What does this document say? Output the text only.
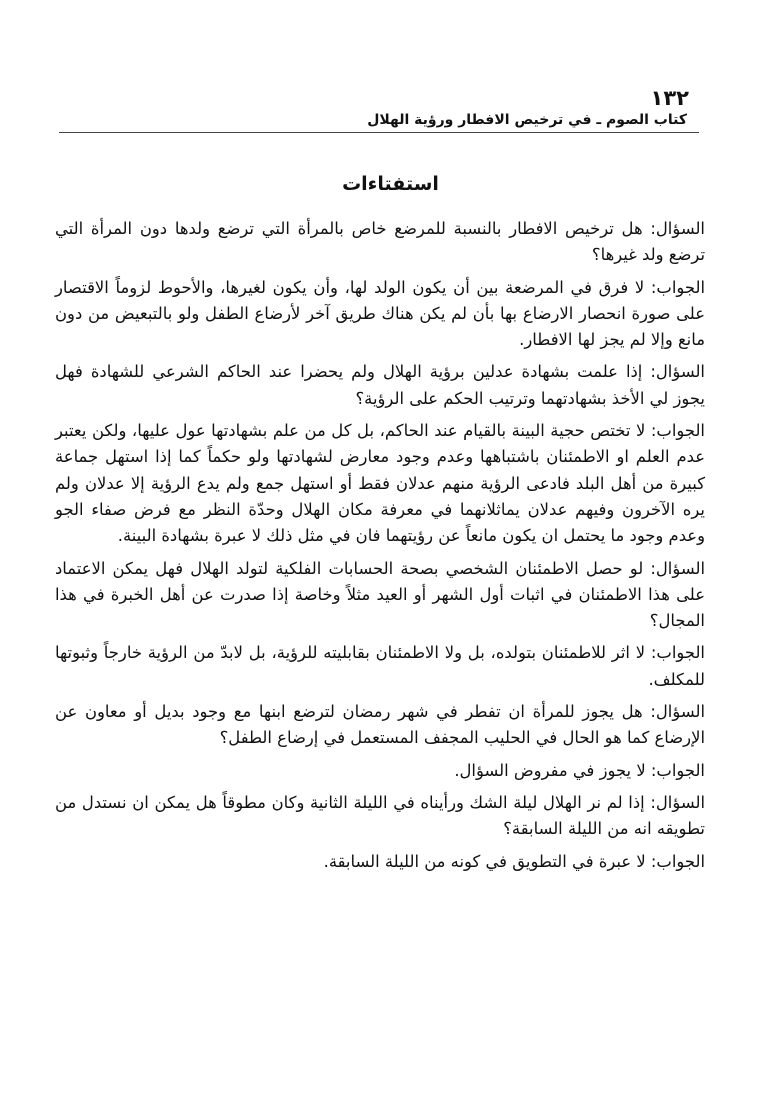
١٣٢
كتاب الصوم ـ في ترخيص الافطار ورؤية الهلال
استفتاءات

السؤال: هل ترخيص الافطار بالنسبة للمرضع خاص بالمرأة التي ترضع ولدها دون المرأة التي ترضع ولد غيرها؟

الجواب: لا فرق في المرضعة بين أن يكون الولد لها، وأن يكون لغيرها، والأحوط لزوماً الاقتصار على صورة انحصار الارضاع بها بأن لم يكن هناك طريق آخر لأرضاع الطفل ولو بالتبعيض من دون مانع وإلا لم يجز لها الافطار.

السؤال: إذا علمت بشهادة عدلين برؤية الهلال ولم يحضرا عند الحاكم الشرعي للشهادة فهل يجوز لي الأخذ بشهادتهما وترتيب الحكم على الرؤية؟

الجواب: لا تختص حجية البينة بالقيام عند الحاكم، بل كل من علم بشهادتها عول عليها، ولكن يعتبر عدم العلم او الاطمئنان باشتباهها وعدم وجود معارض لشهادتها ولو حكماً كما إذا استهل جماعة كبيرة من أهل البلد فادعى الرؤية منهم عدلان فقط أو استهل جمع ولم يدع الرؤية إلا عدلان ولم يره الآخرون وفيهم عدلان يماثلانهما في معرفة مكان الهلال وحدّة النظر مع فرض صفاء الجو وعدم وجود ما يحتمل ان يكون مانعاً عن رؤيتهما فان في مثل ذلك لا عبرة بشهادة البينة.

السؤال: لو حصل الاطمئنان الشخصي بصحة الحسابات الفلكية لتولد الهلال فهل يمكن الاعتماد على هذا الاطمئنان في اثبات أول الشهر أو العيد مثلاً وخاصة إذا صدرت عن أهل الخبرة في هذا المجال؟

الجواب: لا اثر للاطمئنان بتولده، بل ولا الاطمئنان بقابليته للرؤية، بل لابدّ من الرؤية خارجاً وثبوتها للمكلف.

السؤال: هل يجوز للمرأة ان تفطر في شهر رمضان لترضع ابنها مع وجود بديل أو معاون عن الإرضاع كما هو الحال في الحليب المجفف المستعمل في إرضاع الطفل؟

الجواب: لا يجوز في مفروض السؤال.

السؤال: إذا لم نر الهلال ليلة الشك ورأيناه في الليلة الثانية وكان مطوقاً هل يمكن ان نستدل من تطويقه انه من الليلة السابقة؟

الجواب: لا عبرة في التطويق في كونه من الليلة السابقة.
